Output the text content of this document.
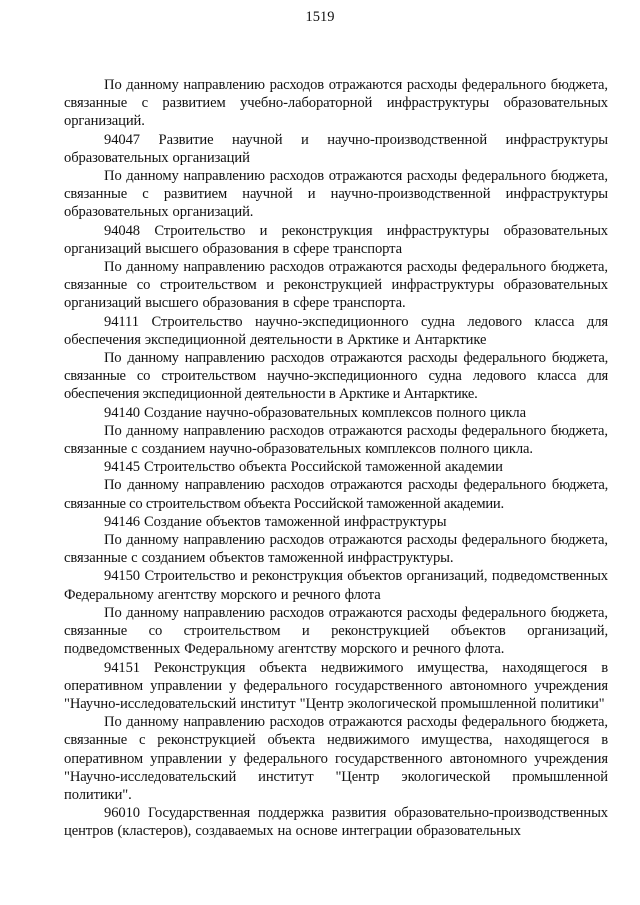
1519

По данному направлению расходов отражаются расходы федерального бюджета, связанные с развитием учебно-лабораторной инфраструктуры образовательных организаций.

94047 Развитие научной и научно-производственной инфраструктуры образовательных организаций

По данному направлению расходов отражаются расходы федерального бюджета, связанные с развитием научной и научно-производственной инфраструктуры образовательных организаций.

94048 Строительство и реконструкция инфраструктуры образовательных организаций высшего образования в сфере транспорта

По данному направлению расходов отражаются расходы федерального бюджета, связанные со строительством и реконструкцией инфраструктуры образовательных организаций высшего образования в сфере транспорта.

94111 Строительство научно-экспедиционного судна ледового класса для обеспечения экспедиционной деятельности в Арктике и Антарктике

По данному направлению расходов отражаются расходы федерального бюджета, связанные со строительством научно-экспедиционного судна ледового класса для обеспечения экспедиционной деятельности в Арктике и Антарктике.

94140 Создание научно-образовательных комплексов полного цикла

По данному направлению расходов отражаются расходы федерального бюджета, связанные с созданием научно-образовательных комплексов полного цикла.

94145 Строительство объекта Российской таможенной академии

По данному направлению расходов отражаются расходы федерального бюджета, связанные со строительством объекта Российской таможенной академии.

94146 Создание объектов таможенной инфраструктуры

По данному направлению расходов отражаются расходы федерального бюджета, связанные с созданием объектов таможенной инфраструктуры.

94150 Строительство и реконструкция объектов организаций, подведомственных Федеральному агентству морского и речного флота

По данному направлению расходов отражаются расходы федерального бюджета, связанные со строительством и реконструкцией объектов организаций, подведомственных Федеральному агентству морского и речного флота.

94151 Реконструкция объекта недвижимого имущества, находящегося в оперативном управлении у федерального государственного автономного учреждения "Научно-исследовательский институт "Центр экологической промышленной политики"

По данному направлению расходов отражаются расходы федерального бюджета, связанные с реконструкцией объекта недвижимого имущества, находящегося в оперативном управлении у федерального государственного автономного учреждения "Научно-исследовательский институт "Центр экологической промышленной политики".

96010 Государственная поддержка развития образовательно-производственных центров (кластеров), создаваемых на основе интеграции образовательных
